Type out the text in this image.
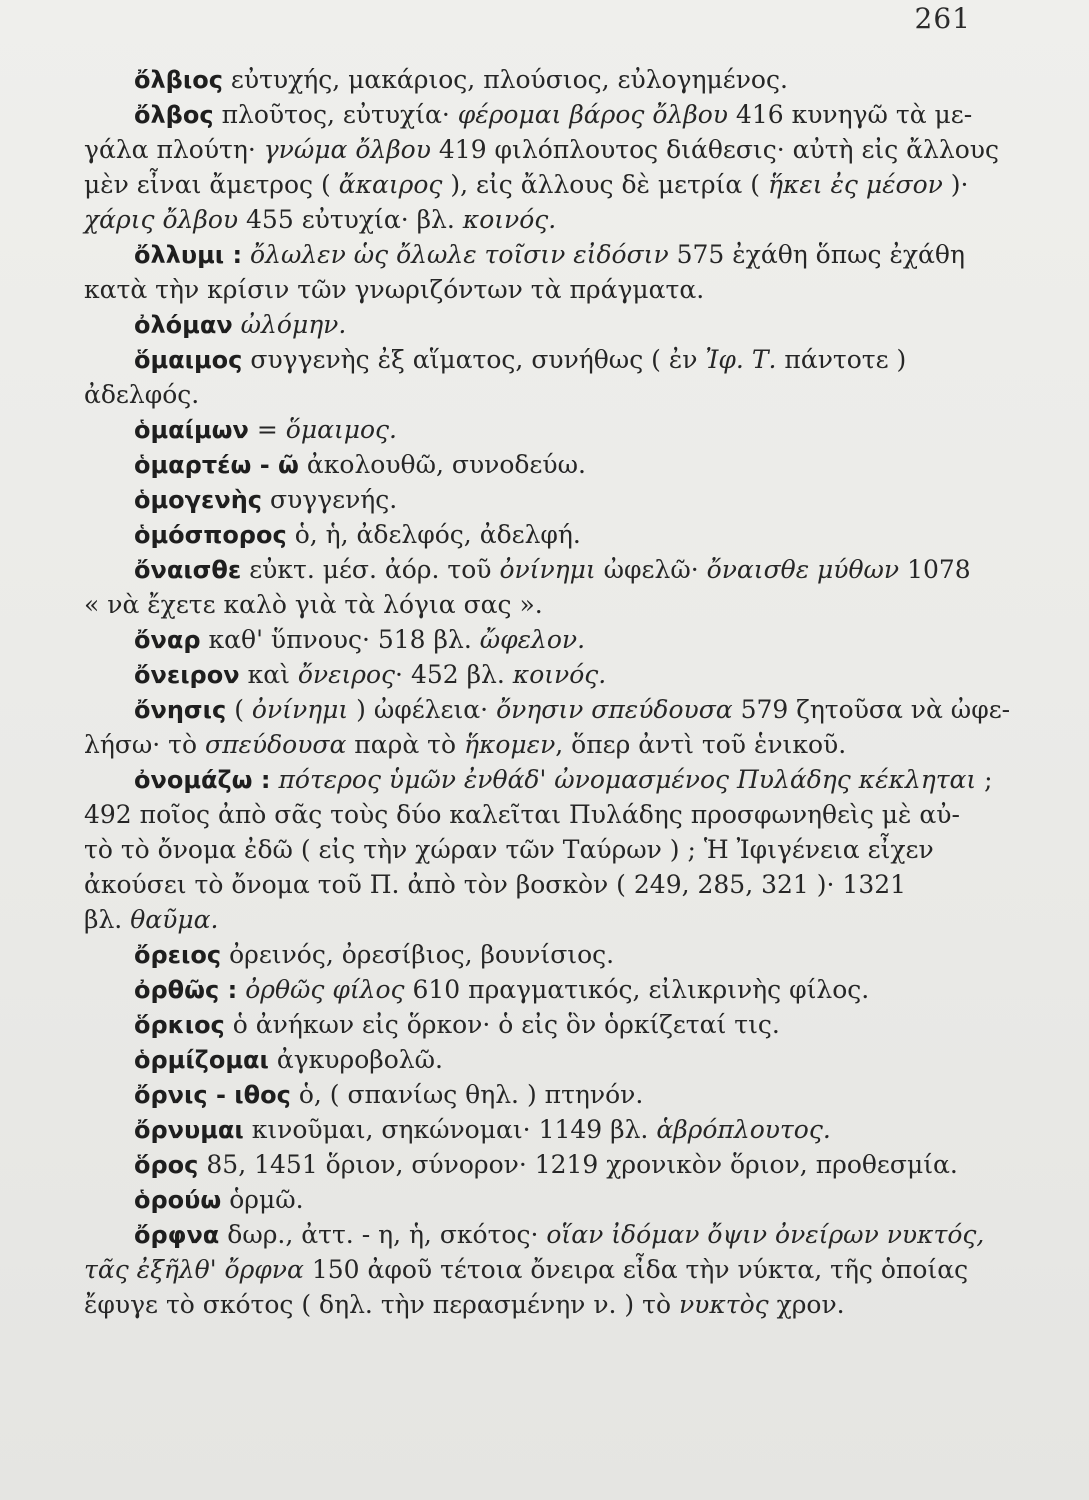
261
ὄλβιος εὐτυχής, μακάριος, πλούσιος, εὐλογημένος.
ὄλβος πλοῦτος, εὐτυχία· φέρομαι βάρος ὄλβου 416 κυνηγῶ τὰ με-
γάλα πλούτη· γνώμα ὄλβου 419 φιλόπλουτος διάθεσις· αὐτὴ εἰς ἄλλους
μὲν εἶναι ἄμετρος ( ἄκαιρος ), εἰς ἄλλους δὲ μετρία ( ἥκει ἐς μέσον )·
χάρις ὄλβου 455 εὐτυχία· βλ. κοινός.
ὄλλυμι : ὄλωλεν ὡς ὄλωλε τοῖσιν εἰδόσιν 575 ἐχάθη ὅπως ἐχάθη
κατὰ τὴν κρίσιν τῶν γνωριζόντων τὰ πράγματα.
ὀλόμαν ὠλόμην.
ὅμαιμος συγγενὴς ἐξ αἵματος, συνήθως ( ἐν Ἰφ. Τ. πάντοτε )
ἀδελφός.
ὁμαίμων = ὅμαιμος.
ὁμαρτέω - ῶ ἀκολουθῶ, συνοδεύω.
ὁμογενὴς συγγενής.
ὁμόσπορος ὁ, ἡ, ἀδελφός, ἀδελφή.
ὄναισθε εὐκτ. μέσ. ἀόρ. τοῦ ὀνίνημι ὠφελῶ· ὄναισθε μύθων 1078
« νὰ ἔχετε καλὸ γιὰ τὰ λόγια σας ».
ὄναρ καθ' ὕπνους· 518 βλ. ὤφελον.
ὄνειρον καὶ ὄνειρος· 452 βλ. κοινός.
ὄνησις ( ὀνίνημι ) ὠφέλεια· ὄνησιν σπεύδουσα 579 ζητοῦσα νὰ ὠφε-
λήσω· τὸ σπεύδουσα παρὰ τὸ ἥκομεν, ὅπερ ἀντὶ τοῦ ἑνικοῦ.
ὀνομάζω : πότερος ὑμῶν ἐνθάδ' ὠνομασμένος Πυλάδης κέκληται ;
492 ποῖος ἀπὸ σᾶς τοὺς δύο καλεῖται Πυλάδης προσφωνηθεὶς μὲ αὐ-
τὸ τὸ ὄνομα ἐδῶ ( εἰς τὴν χώραν τῶν Ταύρων ) ; Ἡ Ἰφιγένεια εἶχεν
ἀκούσει τὸ ὄνομα τοῦ Π. ἀπὸ τὸν βοσκὸν ( 249, 285, 321 )· 1321
βλ. θαῦμα.
ὄρειος ὀρεινός, ὀρεσίβιος, βουνίσιος.
ὀρθῶς : ὀρθῶς φίλος 610 πραγματικός, εἰλικρινὴς φίλος.
ὅρκιος ὁ ἀνήκων εἰς ὅρκον· ὁ εἰς ὃν ὁρκίζεταί τις.
ὁρμίζομαι ἀγκυροβολῶ.
ὄρνις - ιθος ὁ, ( σπανίως θηλ. ) πτηνόν.
ὄρνυμαι κινοῦμαι, σηκώνομαι· 1149 βλ. ἁβρόπλουτος.
ὅρος 85, 1451 ὅριον, σύνορον· 1219 χρονικὸν ὅριον, προθεσμία.
ὁρούω ὁρμῶ.
ὄρφνα δωρ., ἀττ. - η, ἡ, σκότος· οἵαν ἰδόμαν ὄψιν ὀνείρων νυκτός,
τᾶς ἐξῆλθ' ὄρφνα 150 ἀφοῦ τέτοια ὄνειρα εἶδα τὴν νύκτα, τῆς ὁποίας
ἔφυγε τὸ σκότος ( δηλ. τὴν περασμένην ν. ) τὸ νυκτὸς χρον.
